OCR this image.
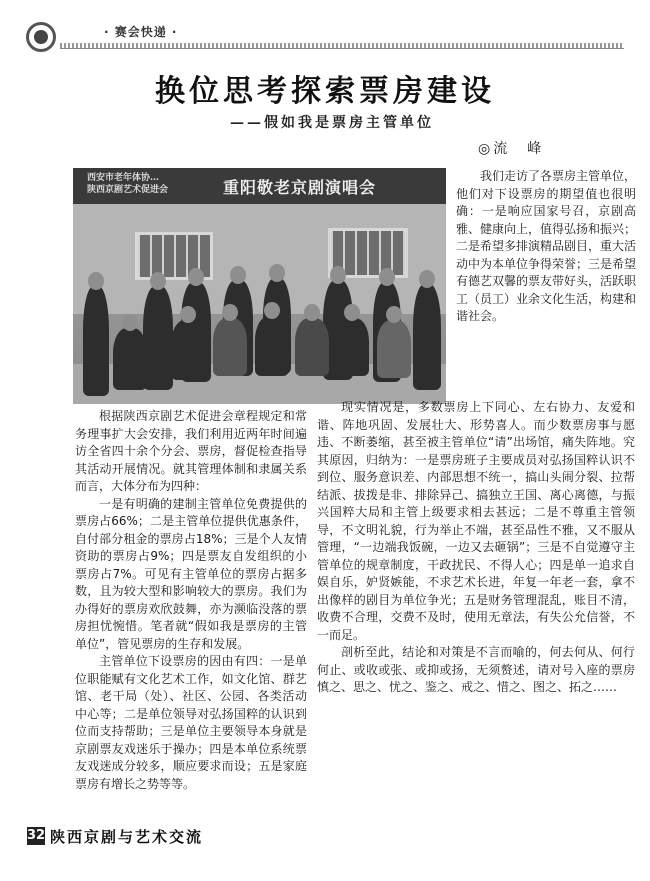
· 赛会快递 ·
换位思考探索票房建设
——假如我是票房主管单位
◎流　峰
西安市老年体协…
陕西京剧艺术促进会	重阳敬老京剧演唱会

我们走访了各票房主管单位，他们对下设票房的期望值也很明确：一是响应国家号召，京剧高雅、健康向上，值得弘扬和振兴；二是希望多排演精品剧目，重大活动中为本单位争得荣誉；三是希望有德艺双馨的票友带好头，活跃职工（员工）业余文化生活，构建和谐社会。

根据陕西京剧艺术促进会章程规定和常务理事扩大会安排，我们利用近两年时间遍访全省四十余个分会、票房，督促检查指导其活动开展情况。就其管理体制和隶属关系而言，大体分布为四种：

一是有明确的建制主管单位免费提供的票房占66%；二是主管单位提供优惠条件，自付部分租金的票房占18%；三是个人友情资助的票房占9%；四是票友自发组织的小票房占7%。可见有主管单位的票房占据多数，且为较大型和影响较大的票房。我们为办得好的票房欢欣鼓舞，亦为濒临没落的票房担忧惋惜。笔者就“假如我是票房的主管单位”，管见票房的生存和发展。

主管单位下设票房的因由有四：一是单位职能赋有文化艺术工作，如文化馆、群艺馆、老干局（处）、社区、公园、各类活动中心等；二是单位领导对弘扬国粹的认识到位而支持帮助；三是单位主要领导本身就是京剧票友戏迷乐于操办；四是本单位系统票友戏迷成分较多，顺应要求而设；五是家庭票房有增长之势等等。

现实情况是，多数票房上下同心、左右协力、友爱和谐、阵地巩固、发展壮大、形势喜人。而少数票房事与愿违、不断萎缩，甚至被主管单位“请”出场馆，痛失阵地。究其原因，归纳为：一是票房班子主要成员对弘扬国粹认识不到位、服务意识差、内部思想不统一，搞山头闹分裂、拉帮结派、拔拨是非、排除异己、搞独立王国、离心离德，与振兴国粹大局和主管上级要求相去甚远；二是不尊重主管领导，不文明礼貌，行为举止不端，甚至品性不雅，又不服从管理，“一边端我饭碗，一边又去砸锅”；三是不自觉遵守主管单位的规章制度，干政扰民、不得人心；四是单一追求自娱自乐，妒贤嫉能，不求艺术长进，年复一年老一套，拿不出像样的剧目为单位争光；五是财务管理混乱，账目不清，收费不合理，交费不及时，使用无章法，有失公允信誉，不一而足。

剖析至此，结论和对策是不言而喻的，何去何从、何行何止、或收或张、或抑或扬，无须赘述，请对号入座的票房慎之、思之、忧之、鉴之、戒之、惜之、图之、拓之……

32 陕西京剧与艺术交流
